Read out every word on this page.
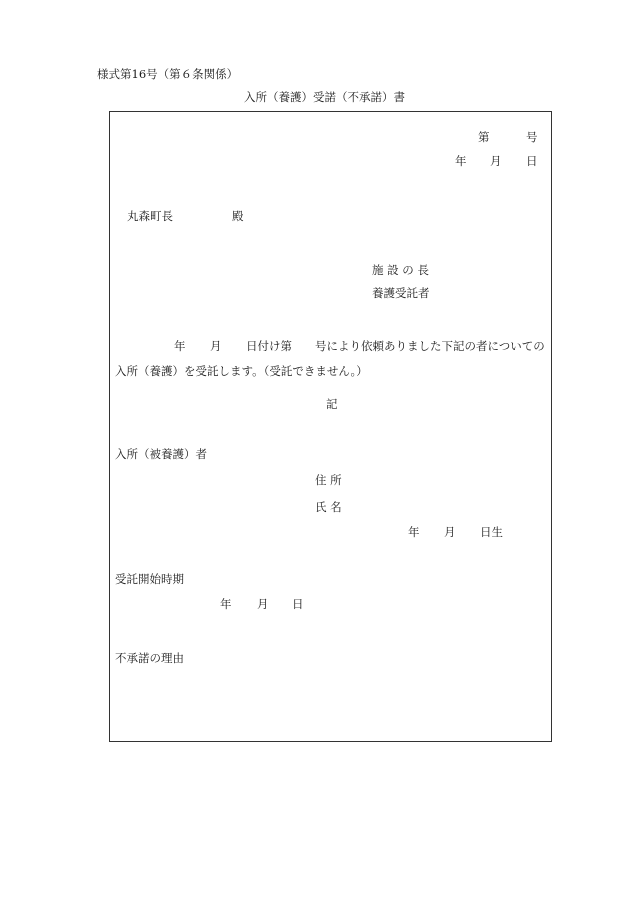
様式第16号（第６条関係）
入所（養護）受諾（不承諾）書
第	号
年 月 日
丸森町長	殿
施 設 の 長
養護受託者
年 月 日付け第 号により依頼ありました下記の者についての
入所（養護）を受託します。（受託できません。）
記
入所（被養護）者
住 所
氏 名
年 月 日生
受託開始時期
年 月 日
不承諾の理由
